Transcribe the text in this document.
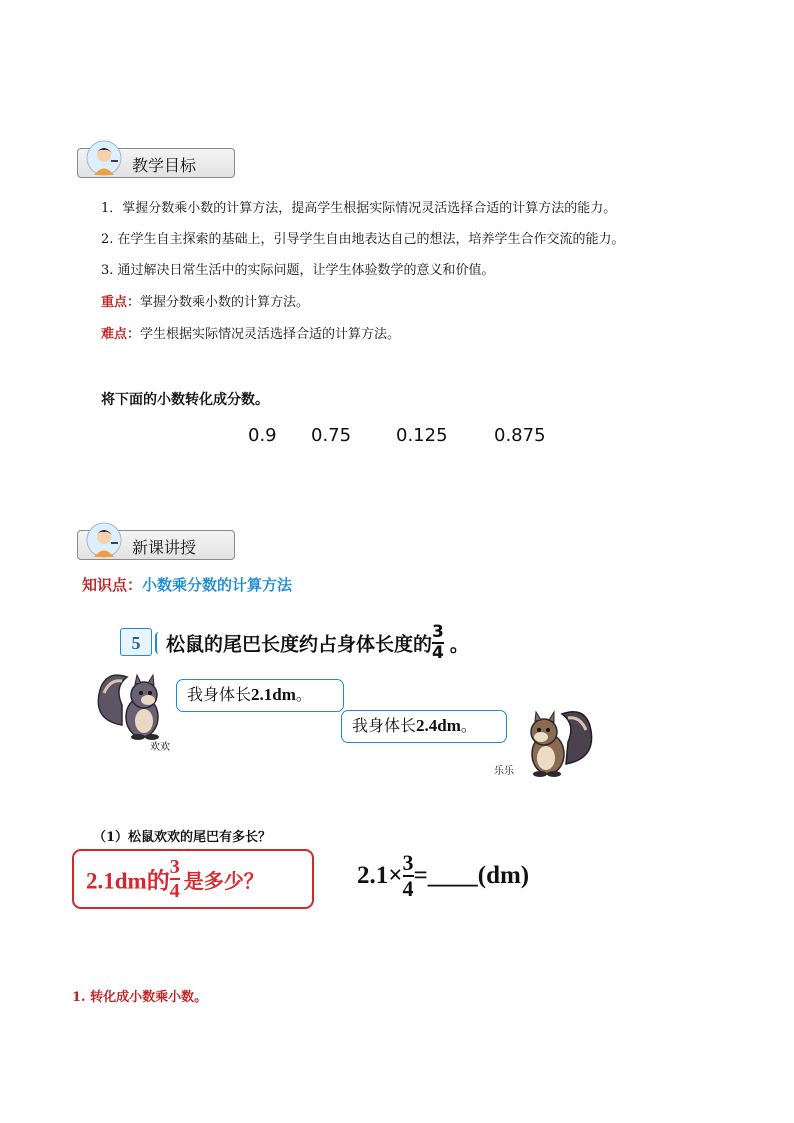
教学目标
1．掌握分数乘小数的计算方法，提高学生根据实际情况灵活选择合适的计算方法的能力。
2. 在学生自主探索的基础上，引导学生自由地表达自己的想法，培养学生合作交流的能力。
3. 通过解决日常生活中的实际问题，让学生体验数学的意义和价值。
重点：掌握分数乘小数的计算方法。
难点：学生根据实际情况灵活选择合适的计算方法。
将下面的小数转化成分数。
0.9 0.75 0.125	0.875
新课讲授
知识点：小数乘分数的计算方法
5	松鼠的尾巴长度约占身体长度的 $\frac{3}{4}$ 。
欢欢
我身体长2.1dm。
我身体长2.4dm。
乐乐
（1）松鼠欢欢的尾巴有多长？
2.1dm的 $\frac{3}{4}$ 是多少？	$2.1\times \frac{3}{4}$ =____(dm)
1. 转化成小数乘小数。
